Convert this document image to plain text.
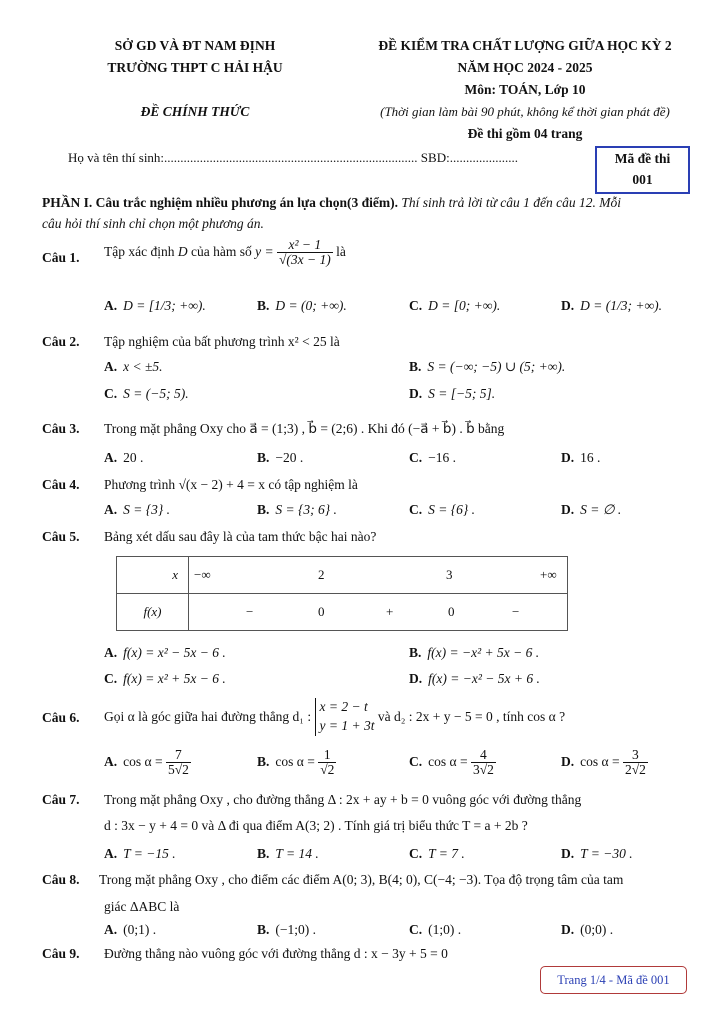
SỞ GD VÀ ĐT NAM ĐỊNH
TRƯỜNG THPT C HẢI HẬU
ĐỀ CHÍNH THỨC
ĐỀ KIỂM TRA CHẤT LƯỢNG GIỮA HỌC KỲ 2
NĂM HỌC 2024 - 2025
Môn: TOÁN, Lớp 10
(Thời gian làm bài 90 phút, không kể thời gian phát đề)
Đề thi gồm 04 trang
Họ và tên thí sinh:.............................................................................. SBD:.....................	Mã đề thi
001
PHẦN I. Câu trắc nghiệm nhiều phương án lựa chọn(3 điểm). Thí sinh trả lời từ câu 1 đến câu 12. Mỗi
câu hỏi thí sinh chỉ chọn một phương án.
Câu 1. Tập xác định D của hàm số $y = \frac{\text{x² − 1}}{√(3x - 1)}$ là
A. D = [1/3; +∞).	B. D = (0; +∞).	C. D = [0; +∞).	D. D = (1/3; +∞).
Câu 2. Tập nghiệm của bất phương trình x² < 25 là
A. x < ±5.	B. S = (−∞; −5) ∪ (5; +∞).
C. S = (−5; 5).	D. S = [−5; 5].
Câu 3. Trong mặt phẳng Oxy cho a⃗ = (1;3) , b⃗ = (2;6) . Khi đó (−a⃗ + b⃗) . b⃗ bằng
A. 20 .	B. −20 .	C. −16 .	D. 16 .
Câu 4. Phương trình √(x − 2) + 4 = x có tập nghiệm là
A. S = {3} .	B. S = {3; 6} .	C. S = {6} .	D. S = ∅ .
Câu 5. Bảng xét dấu sau đây là của tam thức bậc hai nào?
x	−∞ 2 3 +∞

f(x)	− 0 + 0 −
A. f(x) = x² − 5x − 6 .	B. f(x) = −x² + 5x − 6 .
C. f(x) = x² + 5x − 6 .	D. f(x) = −x² − 5x + 6 .
Câu 6. Gọi α là góc giữa hai đường thẳng d₁ :
x = 2 − t
y = 1 + 3t
và d₂ : 2x + y − 5 = 0 , tính cos α ?
A. $\cos \alpha = \frac{7}{5√2}$	B. $\cos \alpha = \frac{1}{√2}$	C. $\cos \alpha = \frac{4}{3√2}$	D. $\cos \alpha = \frac{3}{2√2}$
Câu 7. Trong mặt phẳng Oxy , cho đường thẳng Δ : 2x + ay + b = 0 vuông góc với đường thẳng
d : 3x − y + 4 = 0 và Δ đi qua điểm A(3; 2) . Tính giá trị biểu thức T = a + 2b ?
A. T = −15 .	B. T = 14 .	C. T = 7 .	D. T = −30 .
Câu 8. Trong mặt phẳng Oxy , cho điểm các điểm A(0; 3), B(4; 0), C(−4; −3). Tọa độ trọng tâm của tam
giác ΔABC là
A. (0;1) .	B. (−1;0) .	C. (1;0) .	D. (0;0) .
Câu 9. Đường thẳng nào vuông góc với đường thẳng d : x − 3y + 5 = 0
Trang 1/4 - Mã đề 001
